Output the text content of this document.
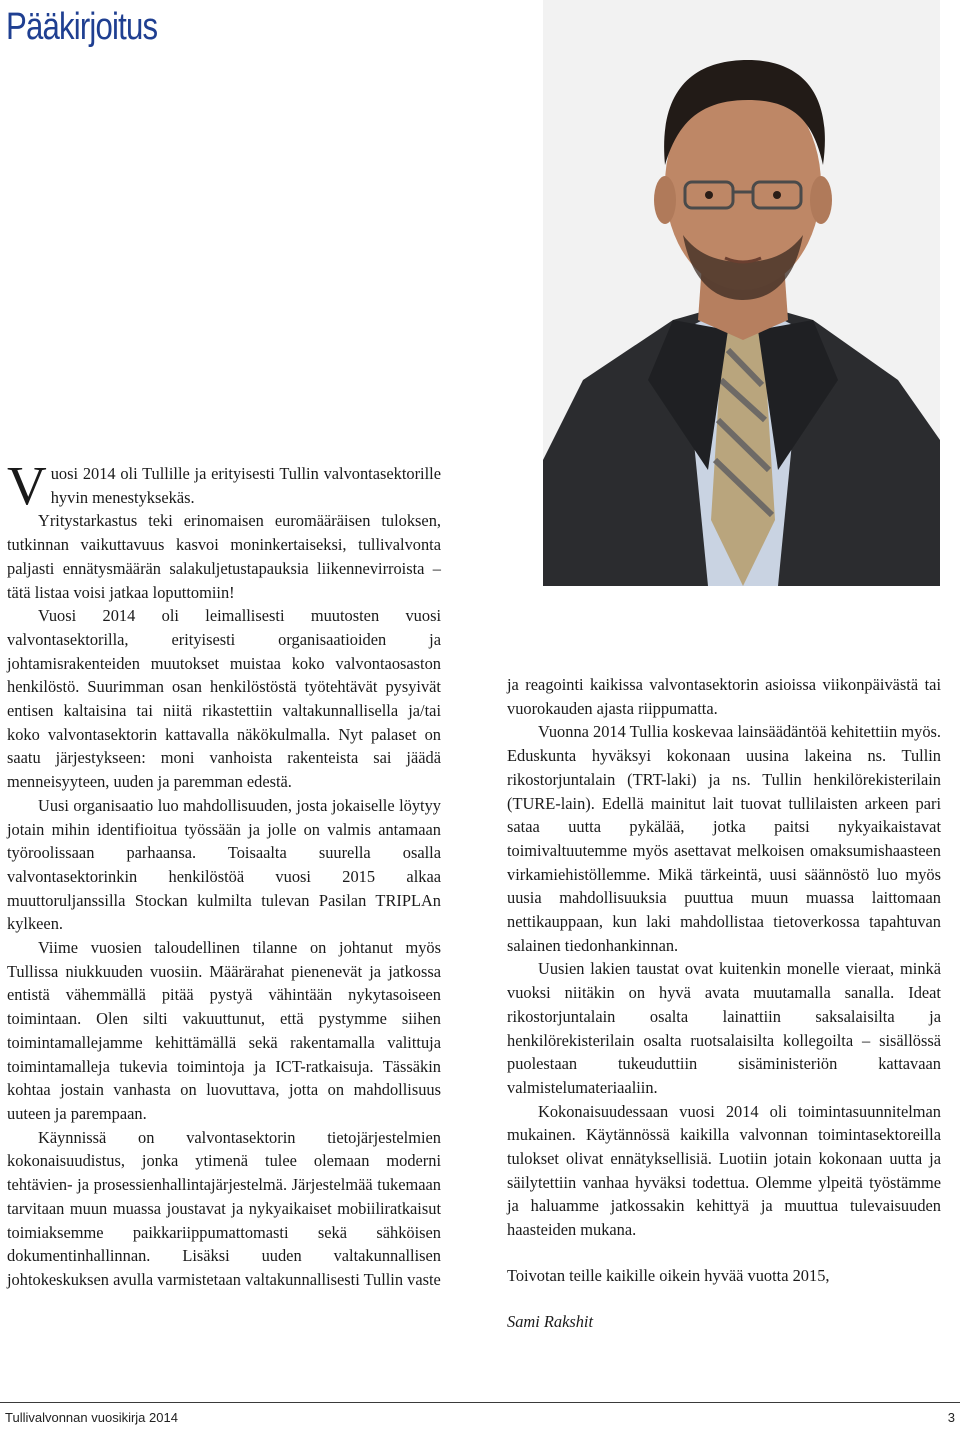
Pääkirjoitus

Vuosi 2014 oli Tullille ja erityisesti Tullin valvontasektorille hyvin menestyksekäs.

Yritystarkastus teki erinomaisen euromääräisen tuloksen, tutkinnan vaikuttavuus kasvoi moninkertaiseksi, tullivalvonta paljasti ennätysmäärän salakuljetustapauksia liikennevirroista – tätä listaa voisi jatkaa loputtomiin!

Vuosi 2014 oli leimallisesti muutosten vuosi valvontasektorilla, erityisesti organisaatioiden ja johtamisrakenteiden muutokset muistaa koko valvontaosaston henkilöstö. Suurimman osan henkilöstöstä työtehtävät pysyivät entisen kaltaisina tai niitä rikastettiin valtakunnallisella ja/tai koko valvontasektorin kattavalla näkökulmalla. Nyt palaset on saatu järjestykseen: moni vanhoista rakenteista sai jäädä menneisyyteen, uuden ja paremman edestä.

Uusi organisaatio luo mahdollisuuden, josta jokaiselle löytyy jotain mihin identifioitua työssään ja jolle on valmis antamaan työroolissaan parhaansa. Toisaalta suurella osalla valvontasektorinkin henkilöstöä vuosi 2015 alkaa muuttoruljanssilla Stockan kulmilta tulevan Pasilan TRIPLAn kylkeen.

Viime vuosien taloudellinen tilanne on johtanut myös Tullissa niukkuuden vuosiin. Määrärahat pienenevät ja jatkossa entistä vähemmällä pitää pystyä vähintään nykytasoiseen toimintaan. Olen silti vakuuttunut, että pystymme siihen toimintamallejamme kehittämällä sekä rakentamalla valittuja toimintamalleja tukevia toimintoja ja ICT-ratkaisuja. Tässäkin kohtaa jostain vanhasta on luovuttava, jotta on mahdollisuus uuteen ja parempaan.

Käynnissä on valvontasektorin tietojärjestelmien kokonaisuudistus, jonka ytimenä tulee olemaan moderni tehtävien- ja prosessienhallintajärjestelmä. Järjestelmää tukemaan tarvitaan muun muassa joustavat ja nykyaikaiset mobiiliratkaisut toimiaksemme paikkariippumattomasti sekä sähköisen dokumentinhallinnan. Lisäksi uuden valtakunnallisen johtokeskuksen avulla varmistetaan valtakunnallisesti Tullin vaste

ja reagointi kaikissa valvontasektorin asioissa viikonpäivästä tai vuorokauden ajasta riippumatta.

Vuonna 2014 Tullia koskevaa lainsäädäntöä kehitettiin myös. Eduskunta hyväksyi kokonaan uusina lakeina ns. Tullin rikostorjuntalain (TRT-laki) ja ns. Tullin henkilörekisterilain (TURE-lain). Edellä mainitut lait tuovat tullilaisten arkeen pari sataa uutta pykälää, jotka paitsi nykyaikaistavat toimivaltuutemme myös asettavat melkoisen omaksumishaasteen virkamiehistöllemme. Mikä tärkeintä, uusi säännöstö luo myös uusia mahdollisuuksia puuttua muun muassa laittomaan nettikauppaan, kun laki mahdollistaa tietoverkossa tapahtuvan salainen tiedonhankinnan.

Uusien lakien taustat ovat kuitenkin monelle vieraat, minkä vuoksi niitäkin on hyvä avata muutamalla sanalla. Ideat rikostorjuntalain osalta lainattiin saksalaisilta ja henkilörekisterilain osalta ruotsalaisilta kollegoilta – sisällössä puolestaan tukeuduttiin sisäministeriön kattavaan valmistelumateriaaliin.

Kokonaisuudessaan vuosi 2014 oli toimintasuunnitelman mukainen. Käytännössä kaikilla valvonnan toimintasektoreilla tulokset olivat ennätyksellisiä. Luotiin jotain kokonaan uutta ja säilytettiin vanhaa hyväksi todettua. Olemme ylpeitä työstämme ja haluamme jatkossakin kehittyä ja muuttua tulevaisuuden haasteiden mukana.

Toivotan teille kaikille oikein hyvää vuotta 2015,

Sami Rakshit

Tullivalvonnan vuosikirja 2014	3
